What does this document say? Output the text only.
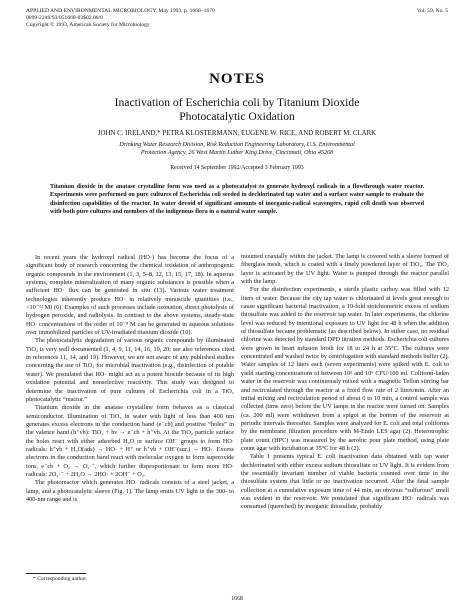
APPLIED AND ENVIRONMENTAL MICROBIOLOGY, May 1993, p. 1668–1670
0099-2240/93/051668-03$02.00/0
Copyright © 1993, American Society for Microbiology
Vol. 59, No. 5
NOTES
Inactivation of Escherichia coli by Titanium Dioxide
Photocatalytic Oxidation
JOHN C. IRELAND,* PETRA KLOSTERMANN, EUGENE W. RICE, AND ROBERT M. CLARK
Drinking Water Research Division, Risk Reduction Engineering Laboratory, U.S. Environmental
Protection Agency, 26 West Martin Luther King Drive, Cincinnati, Ohio 45268
Received 14 September 1992/Accepted 3 February 1993
Titanium dioxide in the anatase crystalline form was used as a photocatalyst to generate hydroxyl radicals in a flowthrough water reactor. Experiments were performed on pure cultures of Escherichia coli seeded in dechlorinated tap water and a surface water sample to evaluate the disinfection capabilities of the reactor. In water devoid of significant amounts of inorganic-radical scavengers, rapid cell death was observed with both pure cultures and members of the indigenous flora in a natural water sample.

In recent years the hydroxyl radical (HO·) has become the focus of a significant body of research concerning the chemical oxidation of anthropogenic organic compounds in the environment (1, 3, 5–8, 12, 13, 15, 17, 18). In aqueous systems, complete mineralization of many organic substances is possible when a sufficient HO· flux can be generated in situ (13). Various water treatment technologies inherently produce HO· in relatively minuscule quantities (i.e., <10⁻¹² M) (6). Examples of such processes include ozonation, direct photolysis of hydrogen peroxide, and radiolysis. In contrast to the above systems, steady-state HO· concentrations of the order of 10⁻⁸ M can be generated in aqueous solutions over immobilized particles of UV-irradiated titanium dioxide (10).

The photocatalytic degradation of various organic compounds by illuminated TiO₂ is very well documented (1, 4, 9, 11, 14, 16, 19, 20; see also references cited in references 11, 14, and 19). However, we are not aware of any published studies concerning the use of TiO₂ for microbial inactivation (e.g., disinfection of potable water). We postulated that HO· might act as a potent biocide because of its high oxidation potential and nonselective reactivity. This study was designed to determine the inactivation of pure cultures of Escherichia coli in a TiO₂ photocatalytic “reactor.”

Titanium dioxide in the anatase crystalline form behaves as a classical semiconductor. Illumination of TiO₂ in water with light of less than 400 nm generates excess electrons in the conduction band (e⁻cb) and positive “holes” in the valence band (h⁺vb): TiO₂ + hν → e⁻cb + h⁺vb. At the TiO₂ particle surface the holes react with either adsorbed H₂O or surface OH⁻ groups to form HO· radicals: h⁺vb + H₂O(ads) → HO· + H⁺ or h⁺vb + OH⁻(sur.) → HO·. Excess electrons in the conduction band react with molecular oxygen to form superoxide ions, e⁻cb + O₂ → O₂·⁻, which further disproportionate to form more HO· radicals: 2O₂·⁻ + 2H₂O → 2HO· + 2OH⁻ + O₂.

The photoreactor which generates HO· radicals consists of a steel jacket, a lamp, and a photocatalytic sleeve (Fig. 1). The lamp emits UV light in the 300- to 400-nm range and is

mounted coaxially within the jacket. The lamp is covered with a sleeve formed of fiberglass mesh, which is coated with a finely powdered layer of TiO₂. The TiO₂ layer is activated by the UV light. Water is pumped through the reactor parallel with the lamp.

For the disinfection experiments, a sterile plastic carboy was filled with 12 liters of water. Because the city tap water is chlorinated at levels great enough to cause significant bacterial inactivation, a 10-fold stoichiometric excess of sodium thiosulfate was added to the reservoir tap water. In later experiments, the chlorine level was reduced by intentional exposure to UV light for 48 h when the addition of thiosulfate became problematic (as described below). In either case, no residual chlorine was detected by standard DPD titration methods. Escherichia coli cultures were grown in heart infusion broth for 18 to 24 h at 35°C. The cultures were concentrated and washed twice by centrifugation with standard methods buffer (2). Water samples of 12 liters each (seven experiments) were spiked with E. coli to yield starting concentrations of between 10⁵ and 10⁶ CFU/100 ml. Coliform-laden water in the reservoir was continuously mixed with a magnetic Teflon stirring bar and recirculated through the reactor at a fixed flow rate of 2 liters/min. After an initial mixing and recirculation period of about 6 to 10 min, a control sample was collected (time zero) before the UV lamps in the reactor were turned on. Samples (ca. 200 ml) were withdrawn from a spigot at the bottom of the reservoir at periodic intervals thereafter. Samples were analyzed for E. coli and total coliforms by the membrane filtration procedure with M-Endo LES agar (2). Heterotrophic plate count (HPC) was measured by the aerobic pour plate method, using plate count agar with incubation at 35°C for 48 h (2).

Table 1 presents typical E. coli inactivation data obtained with tap water dechlorinated with either excess sodium thiosulfate or UV light. It is evident from the essentially invariant number of viable bacteria counted over time in the thiosulfate system that little or no inactivation occurred. After the final sample collection at a cumulative exposure time of 44 min, an obvious “sulfurous” smell was evident in the reservoir. We postulated that significant HO· radicals was consumed (quenched) by inorganic thiosulfate, probably

* Corresponding author.
1668
